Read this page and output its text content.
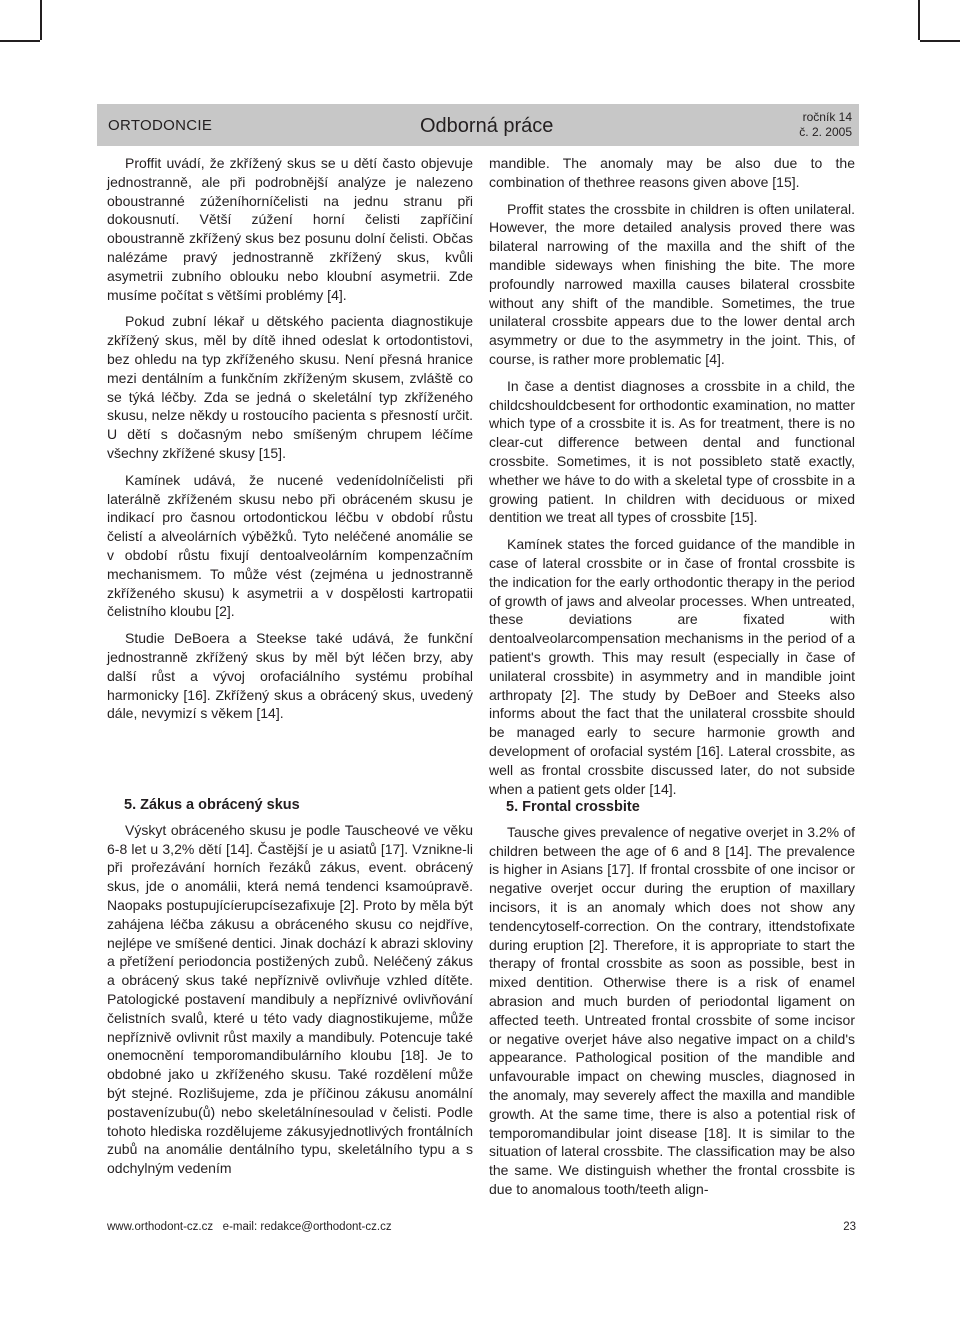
ORTODONCIE	Odborná práce	ročník 14
č. 2. 2005

Proffit uvádí, že zkřížený skus se u dětí často objevuje jednostranně, ale při podrobnější analýze je nalezeno oboustranné zúženíhorníčelisti na jednu stranu při dokousnutí. Větší zúžení horní čelisti zapříčiní oboustranně zkřížený skus bez posunu dolní čelisti. Občas nalézáme pravý jednostranně zkřížený skus, kvůli asymetrii zubního oblouku nebo kloubní asymetrii. Zde musíme počítat s většími problémy [4].

Pokud zubní lékař u dětského pacienta diagnostikuje zkřížený skus, měl by dítě ihned odeslat k ortodontistovi, bez ohledu na typ zkříženého skusu. Není přesná hranice mezi dentálním a funkčním zkříženým skusem, zvláště co se týká léčby. Zda se jedná o skeletální typ zkříženého skusu, nelze někdy u rostoucího pacienta s přesností určit. U dětí s dočasným nebo smíšeným chrupem léčíme všechny zkřížené skusy [15].

Kamínek udává, že nucené vedenídolníčelisti při laterálně zkříženém skusu nebo při obráceném skusu je indikací pro časnou ortodontickou léčbu v období růstu čelistí a alveolárních výběžků. Tyto neléčené anomálie se v období růstu fixují dentoalveolárním kompenzačním mechanismem. To může vést (zejména u jednostranně zkříženého skusu) k asymetrii a v dospělosti kartropatii čelistního kloubu [2].

Studie DeBoera a Steekse také udává, že funkční jednostranně zkřížený skus by měl být léčen brzy, aby další růst a vývoj orofaciálního systému probíhal harmonicky [16]. Zkřížený skus a obrácený skus, uvedený dále, nevymizí s věkem [14].

mandible. The anomaly may be also due to the combination of thethree reasons given above [15].

Proffit states the crossbite in children is often unilateral. However, the more detailed analysis proved there was bilateral narrowing of the maxilla and the shift of the mandible sideways when finishing the bite. The more profoundly narrowed maxilla causes bilateral crossbite without any shift of the mandible. Sometimes, the true unilateral crossbite appears due to the lower dental arch asymmetry or due to the asymmetry in the joint. This, of course, is rather more problematic [4].

In čase a dentist diagnoses a crossbite in a child, the childcshouldcbesent for orthodontic examination, no matter which type of a crossbite it is. As for treatment, there is no clear-cut difference between dental and functional crossbite. Sometimes, it is not possibleto statě exactly, whether we háve to do with a skeletal type of crossbite in a growing patient. In children with deciduous or mixed dentition we treat all types of crossbite [15].

Kamínek states the forced guidance of the mandible in case of lateral crossbite or in čase of frontal crossbite is the indication for the early orthodontic therapy in the period of growth of jaws and alveolar processes. When untreated, these deviations are fixated with dentoalveolarcompensation mechanisms in the period of a patient's growth. This may result (especially in čase of unilateral crossbite) in asymmetry and in mandible joint arthropaty [2]. The study by DeBoer and Steeks also informs about the fact that the unilateral crossbite should be managed early to secure harmonie growth and development of orofacial systém [16]. Lateral crossbite, as well as frontal crossbite discussed later, do not subside when a patient gets older [14].

5. Zákus a obrácený skus

Výskyt obráceného skusu je podle Tauscheové ve věku 6-8 let u 3,2% dětí [14]. Častější je u asiatů [17]. Vznikne-li při prořezávání horních řezáků zákus, event. obrácený skus, jde o anomálii, která nemá tendenci ksamoúpravě. Naopaks postupujícíerupcísezafixuje [2]. Proto by měla být zahájena léčba zákusu a obráceného skusu co nejdříve, nejlépe ve smíšené dentici. Jinak dochází k abrazi skloviny a přetížení periodoncia postižených zubů. Neléčený zákus a obrácený skus také nepříznivě ovlivňuje vzhled dítěte. Patologické postavení mandibuly a nepříznivé ovlivňování čelistních svalů, které u této vady diagnostikujeme, může nepříznivě ovlivnit růst maxily a mandibuly. Potencuje také onemocnění temporomandibulárního kloubu [18]. Je to obdobné jako u zkříženého skusu. Také rozdělení může být stejné. Rozlišujeme, zda je příčinou zákusu anomální postavenízubu(ů) nebo skeletálnínesoulad v čelisti. Podle tohoto hlediska rozdělujeme zákusyjednotlivých frontálních zubů na anomálie dentálního typu, skeletálního typu a s odchylným vedením

5. Frontal crossbite

Tausche gives prevalence of negative overjet in 3.2% of children between the age of 6 and 8 [14]. The prevalence is higher in Asians [17]. If frontal crossbite of one incisor or negative overjet occur during the eruption of maxillary incisors, it is an anomaly which does not show any tendencytoself-correction. On the contrary, ittendstofixate during eruption [2]. Therefore, it is appropriate to start the therapy of frontal crossbite as soon as possible, best in mixed dentition. Otherwise there is a risk of enamel abrasion and much burden of periodontal ligament on affected teeth. Untreated frontal crossbite of some incisor or negative overjet háve also negative impact on a child's appearance. Pathological position of the mandible and unfavourable impact on chewing muscles, diagnosed in the anomaly, may severely affect the maxilla and mandible growth. At the same time, there is also a potential risk of temporomandibular joint disease [18]. It is similar to the situation of lateral crossbite. The classification may be also the same. We distinguish whether the frontal crossbite is due to anomalous tooth/teeth align-

www.orthodont-cz.cz   e-mail: redakce@orthodont-cz.cz	23
